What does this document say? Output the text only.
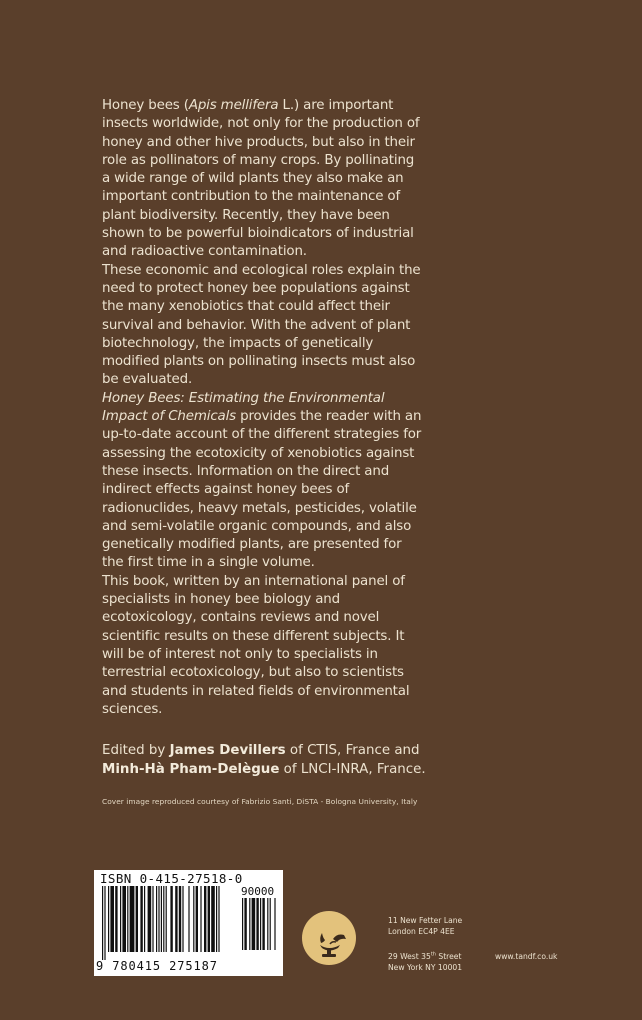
Honey bees (Apis mellifera L.) are important insects worldwide, not only for the production of honey and other hive products, but also in their role as pollinators of many crops. By pollinating a wide range of wild plants they also make an important contribution to the maintenance of plant biodiversity. Recently, they have been shown to be powerful bioindicators of industrial and radioactive contamination.

These economic and ecological roles explain the need to protect honey bee populations against the many xenobiotics that could affect their survival and behavior. With the advent of plant biotechnology, the impacts of genetically modified plants on pollinating insects must also be evaluated.

Honey Bees: Estimating the Environmental Impact of Chemicals provides the reader with an up-to-date account of the different strategies for assessing the ecotoxicity of xenobiotics against these insects. Information on the direct and indirect effects against honey bees of radionuclides, heavy metals, pesticides, volatile and semi-volatile organic compounds, and also genetically modified plants, are presented for the first time in a single volume.

This book, written by an international panel of specialists in honey bee biology and ecotoxicology, contains reviews and novel scientific results on these different subjects. It will be of interest not only to specialists in terrestrial ecotoxicology, but also to scientists and students in related fields of environmental sciences.

Edited by James Devillers of CTIS, France and

Minh-Hà Pham-Delègue of LNCI-INRA, France.

Cover image reproduced courtesy of Fabrizio Santi, DiSTA - Bologna University, Italy
ISBN 0-415-27518-0
90000
9 780415 275187

11 New Fetter Lane

London EC4P 4EE

29 West 35th Street

New York NY 10001

www.tandf.co.uk
